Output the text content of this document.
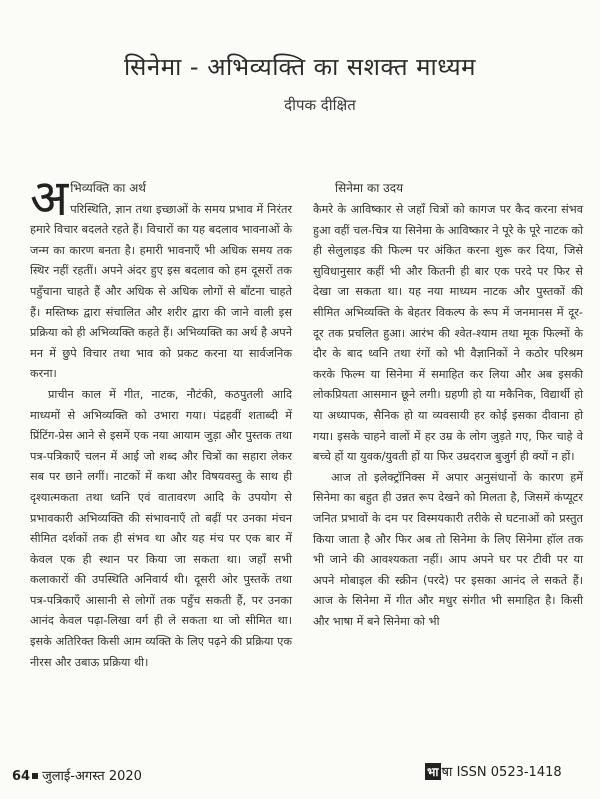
सिनेमा - अभिव्यक्ति का सशक्त माध्यम
दीपक दीक्षित

अ भिव्यक्ति का अर्थ
परिस्थिति, ज्ञान तथा इच्छाओं के समय प्रभाव में निरंतर हमारे विचार बदलते रहते हैं। विचारों का यह बदलाव भावनाओं के जन्म का कारण बनता है। हमारी भावनाएँ भी अधिक समय तक स्थिर नहीं रहतीं। अपने अंदर हुए इस बदलाव को हम दूसरों तक पहुँचाना चाहते हैं और अधिक से अधिक लोगों से बाँटना चाहते हैं। मस्तिष्क द्वारा संचालित और शरीर द्वारा की जाने वाली इस प्रक्रिया को ही अभिव्यक्ति कहते हैं। अभिव्यक्ति का अर्थ है अपने मन में छुपे विचार तथा भाव को प्रकट करना या सार्वजनिक करना।

प्राचीन काल में गीत, नाटक, नौटंकी, कठपुतली आदि माध्यमों से अभिव्यक्ति को उभारा गया। पंद्रहवीं शताब्दी में प्रिंटिंग-प्रेस आने से इसमें एक नया आयाम जुड़ा और पुस्तक तथा पत्र-पत्रिकाएँ चलन में आई जो शब्द और चित्रों का सहारा लेकर सब पर छाने लगीं। नाटकों में कथा और विषयवस्तु के साथ ही दृश्यात्मकता तथा ध्वनि एवं वातावरण आदि के उपयोग से प्रभावकारी अभिव्यक्ति की संभावनाएँ तो बढ़ीं पर उनका मंचन सीमित दर्शकों तक ही संभव था और यह मंच पर एक बार में केवल एक ही स्थान पर किया जा सकता था। जहाँ सभी कलाकारों की उपस्थिति अनिवार्य थी। दूसरी ओर पुस्तकें तथा पत्र-पत्रिकाएँ आसानी से लोगों तक पहुँच सकती हैं, पर उनका आनंद केवल पढ़ा-लिखा वर्ग ही ले सकता था जो सीमित था। इसके अतिरिक्त किसी आम व्यक्ति के लिए पढ़ने की प्रक्रिया एक नीरस और उबाऊ प्रक्रिया थी।

सिनेमा का उदय

कैमरे के आविष्कार से जहाँ चित्रों को कागज पर कैद करना संभव हुआ वहीं चल-चित्र या सिनेमा के आविष्कार ने पूरे के पूरे नाटक को ही सेलुलाइड की फिल्म पर अंकित करना शुरू कर दिया, जिसे सुविधानुसार कहीं भी और कितनी ही बार एक परदे पर फिर से देखा जा सकता था। यह नया माध्यम नाटक और पुस्तकों की सीमित अभिव्यक्ति के बेहतर विकल्प के रूप में जनमानस में दूर-दूर तक प्रचलित हुआ। आरंभ की श्वेत-श्याम तथा मूक फिल्मों के दौर के बाद ध्वनि तथा रंगों को भी वैज्ञानिकों ने कठोर परिश्रम करके फिल्म या सिनेमा में समाहित कर लिया और अब इसकी लोकप्रियता आसमान छूने लगी। ग्रहणी हो या मकैनिक, विद्यार्थी हो या अध्यापक, सैनिक हो या व्यवसायी हर कोई इसका दीवाना हो गया। इसके चाहने वालों में हर उम्र के लोग जुड़ते गए, फिर चाहे वे बच्चे हों या युवक/युवती हों या फिर उम्रदराज बुजुर्ग ही क्यों न हों।

आज तो इलेक्ट्रॉनिक्स में अपार अनुसंधानों के कारण हमें सिनेमा का बहुत ही उन्नत रूप देखने को मिलता है, जिसमें कंप्यूटर जनित प्रभावों के दम पर विस्मयकारी तरीके से घटनाओं को प्रस्तुत किया जाता है और फिर अब तो सिनेमा के लिए सिनेमा हॉल तक भी जाने की आवश्यकता नहीं। आप अपने घर पर टीवी पर या अपने मोबाइल की स्क्रीन (परदे) पर इसका आनंद ले सकते हैं। आज के सिनेमा में गीत और मधुर संगीत भी समाहित है। किसी और भाषा में बने सिनेमा को भी

64 जुलाई-अगस्त 2020	भा षा ISSN 0523-1418
